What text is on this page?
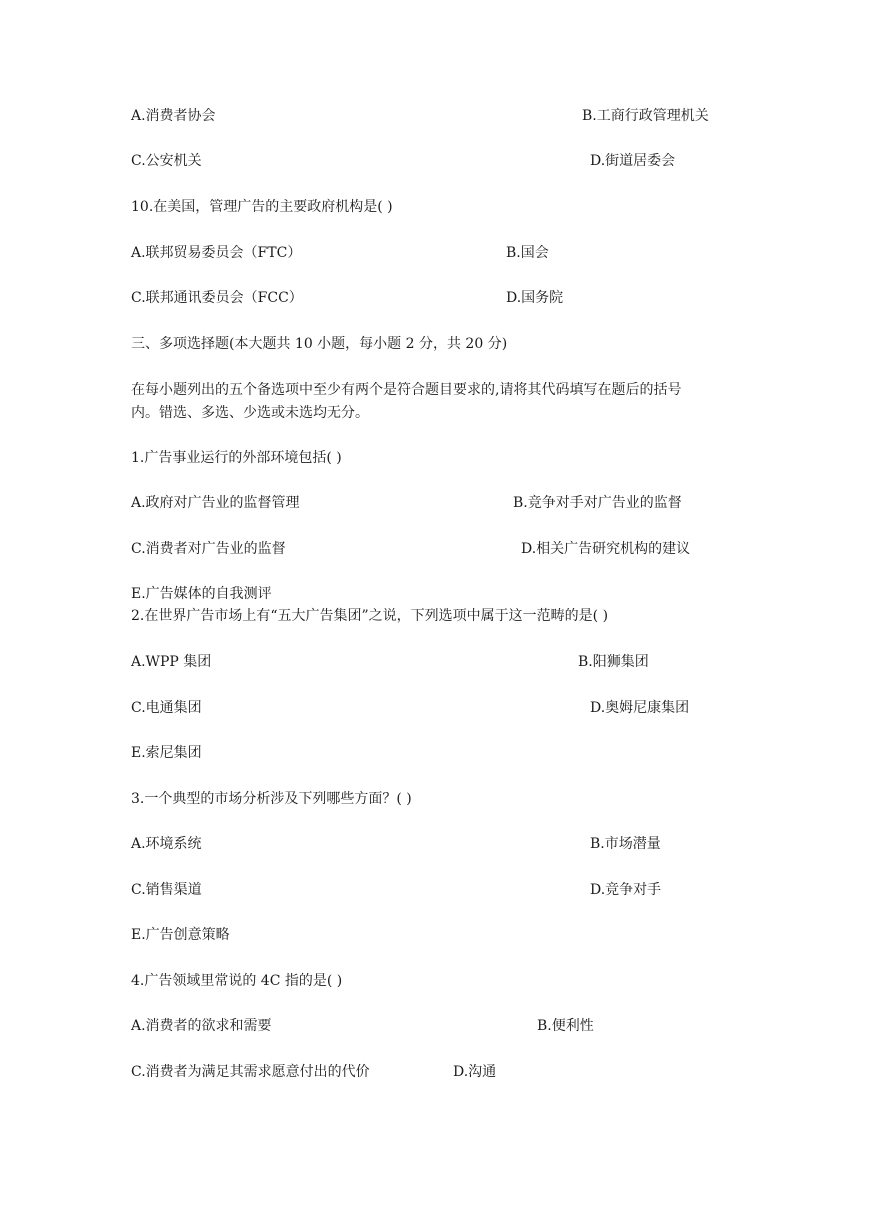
A.消费者协会	B.工商行政管理机关
C.公安机关	D.街道居委会
10.在美国，管理广告的主要政府机构是( )
A.联邦贸易委员会（FTC）	B.国会
C.联邦通讯委员会（FCC）	D.国务院
三、多项选择题(本大题共 10 小题，每小题 2 分，共 20 分)
在每小题列出的五个备选项中至少有两个是符合题目要求的,请将其代码填写在题后的括号
内。错选、多选、少选或未选均无分。
1.广告事业运行的外部环境包括( )
A.政府对广告业的监督管理	B.竞争对手对广告业的监督
C.消费者对广告业的监督	D.相关广告研究机构的建议
E.广告媒体的自我测评
2.在世界广告市场上有“五大广告集团”之说，下列选项中属于这一范畴的是( )
A.WPP 集团	B.阳狮集团
C.电通集团	D.奥姆尼康集团
E.索尼集团
3.一个典型的市场分析涉及下列哪些方面？( )
A.环境系统	B.市场潜量
C.销售渠道	D.竞争对手
E.广告创意策略
4.广告领域里常说的 4C 指的是( )
A.消费者的欲求和需要	B.便利性
C.消费者为满足其需求愿意付出的代价	D.沟通
